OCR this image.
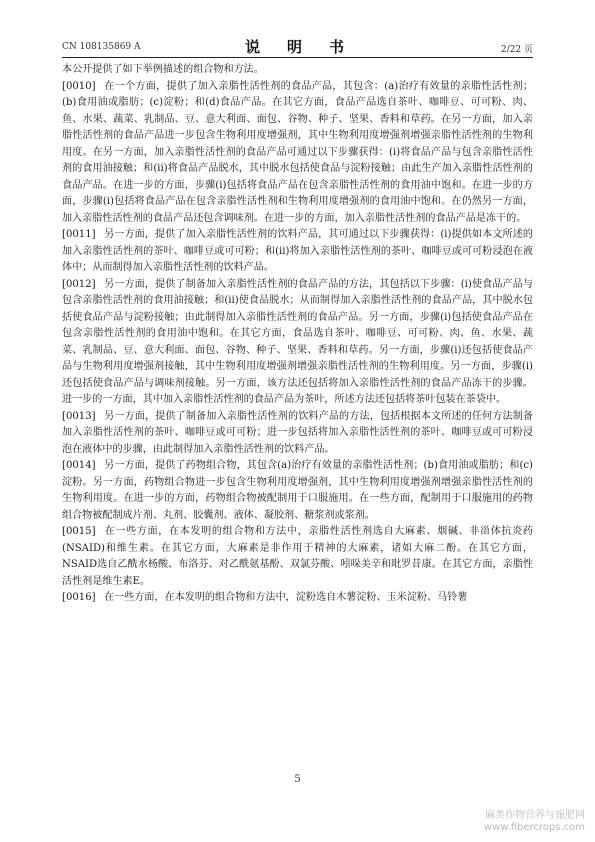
CN 108135869 A	说　明　书	2/22 页

本公开提供了如下举例描述的组合物和方法。

[0010] 在一个方面，提供了加入亲脂性活性剂的食品产品，其包含：(a)治疗有效量的亲脂性活性剂；(b)食用油或脂肪；(c)淀粉；和(d)食品产品。在其它方面，食品产品选自茶叶、咖啡豆、可可粉、肉、鱼、水果、蔬菜、乳制品、豆、意大利面、面包、谷物、种子、坚果、香料和草药。在另一方面，加入亲脂性活性剂的食品产品进一步包含生物利用度增强剂，其中生物利用度增强剂增强亲脂性活性剂的生物利用度。在另一方面，加入亲脂性活性剂的食品产品可通过以下步骤获得：(i)将食品产品与包含亲脂性活性剂的食用油接触；和(ii)将食品产品脱水，其中脱水包括使食品与淀粉接触；由此生产加入亲脂性活性剂的食品产品。在进一步的方面，步骤(i)包括将食品产品在包含亲脂性活性剂的食用油中饱和。在进一步的方面，步骤(i)包括将食品产品在包含亲脂性活性剂和生物利用度增强剂的食用油中饱和。在仍然另一方面，加入亲脂性活性剂的食品产品还包含调味剂。在进一步的方面，加入亲脂性活性剂的食品产品是冻干的。

[0011] 另一方面，提供了加入亲脂性活性剂的饮料产品，其可通过以下步骤获得：(i)提供如本文所述的加入亲脂性活性剂的茶叶、咖啡豆或可可粉；和(ii)将加入亲脂性活性剂的茶叶、咖啡豆或可可粉浸泡在液体中；从而制得加入亲脂性活性剂的饮料产品。

[0012] 另一方面，提供了制备加入亲脂性活性剂的食品产品的方法，其包括以下步骤：(i)使食品产品与包含亲脂性活性剂的食用油接触；和(ii)使食品脱水；从而制得加入亲脂性活性剂的食品产品，其中脱水包括使食品产品与淀粉接触；由此制得加入亲脂性活性剂的食品产品。另一方面，步骤(i)包括使食品产品在包含亲脂性活性剂的食用油中饱和。在其它方面，食品选自茶叶、咖啡豆、可可粉、肉、鱼、水果、蔬菜、乳制品、豆、意大利面、面包、谷物、种子、坚果、香料和草药。另一方面，步骤(i)还包括使食品产品与生物利用度增强剂接触，其中生物利用度增强剂增强亲脂性活性剂的生物利用度。另一方面，步骤(i)还包括使食品产品与调味剂接触。另一方面，该方法还包括将加入亲脂性活性剂的食品产品冻干的步骤。进一步的一方面，其中加入亲脂性活性剂的食品产品为茶叶，所述方法还包括将茶叶包装在茶袋中。

[0013] 另一方面，提供了制备加入亲脂性活性剂的饮料产品的方法，包括根据本文所述的任何方法制备加入亲脂性活性剂的茶叶、咖啡豆或可可粉；进一步包括将加入亲脂性活性剂的茶叶、咖啡豆或可可粉浸泡在液体中的步骤，由此制得加入亲脂性活性剂的饮料产品。

[0014] 另一方面，提供了药物组合物，其包含(a)治疗有效量的亲脂性活性剂；(b)食用油或脂肪；和(c)淀粉。另一方面，药物组合物进一步包含生物利用度增强剂，其中生物利用度增强剂增强亲脂性活性剂的生物利用度。在进一步的方面，药物组合物被配制用于口服施用。在一些方面，配制用于口服施用的药物组合物被配制成片剂、丸剂、胶囊剂、液体、凝胶剂、糖浆剂或浆剂。

[0015] 在一些方面，在本发明的组合物和方法中，亲脂性活性剂选自大麻素、烟碱、非甾体抗炎药(NSAID)和维生素。在其它方面，大麻素是非作用于精神的大麻素，诸如大麻二酚。在其它方面，NSAID选自乙酰水杨酸、布洛芬、对乙酰氨基酚、双氯芬酸、吲哚美辛和吡罗昔康。在其它方面，亲脂性活性剂是维生素E。

[0016] 在一些方面，在本发明的组合物和方法中，淀粉选自木薯淀粉、玉米淀粉、马铃薯

5
麻类作物营养与施肥网
www.fibercrops.com
